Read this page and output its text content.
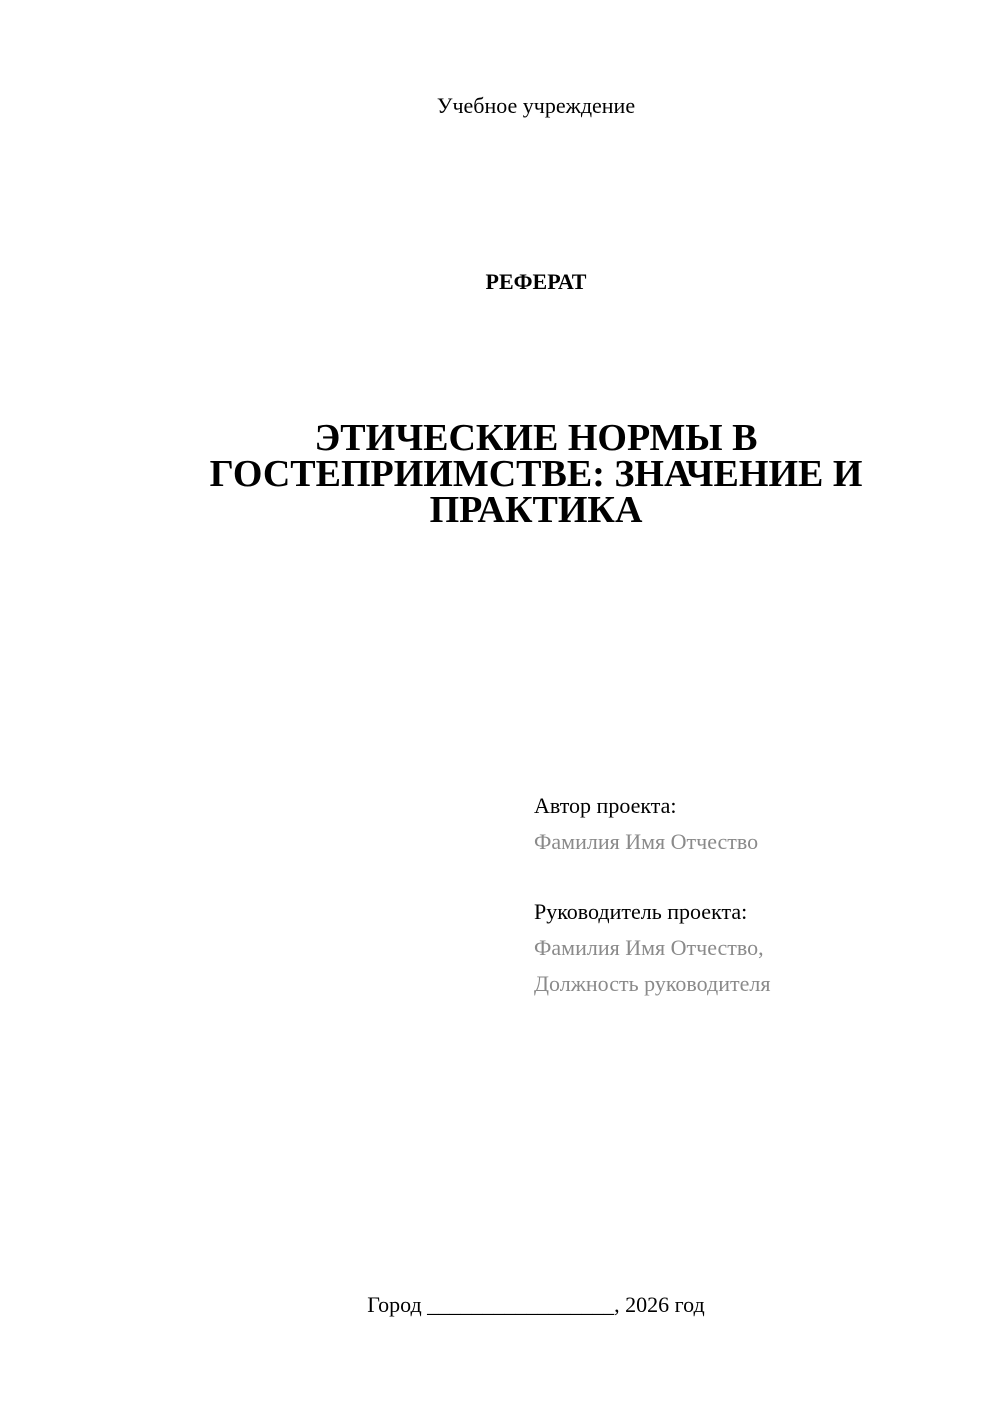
Учебное учреждение
РЕФЕРАТ
ЭТИЧЕСКИЕ НОРМЫ В
ГОСТЕПРИИМСТВЕ: ЗНАЧЕНИЕ И
ПРАКТИКА
Автор проекта:
Фамилия Имя Отчество
Руководитель проекта:
Фамилия Имя Отчество,
Должность руководителя
Город _________________, 2026 год
